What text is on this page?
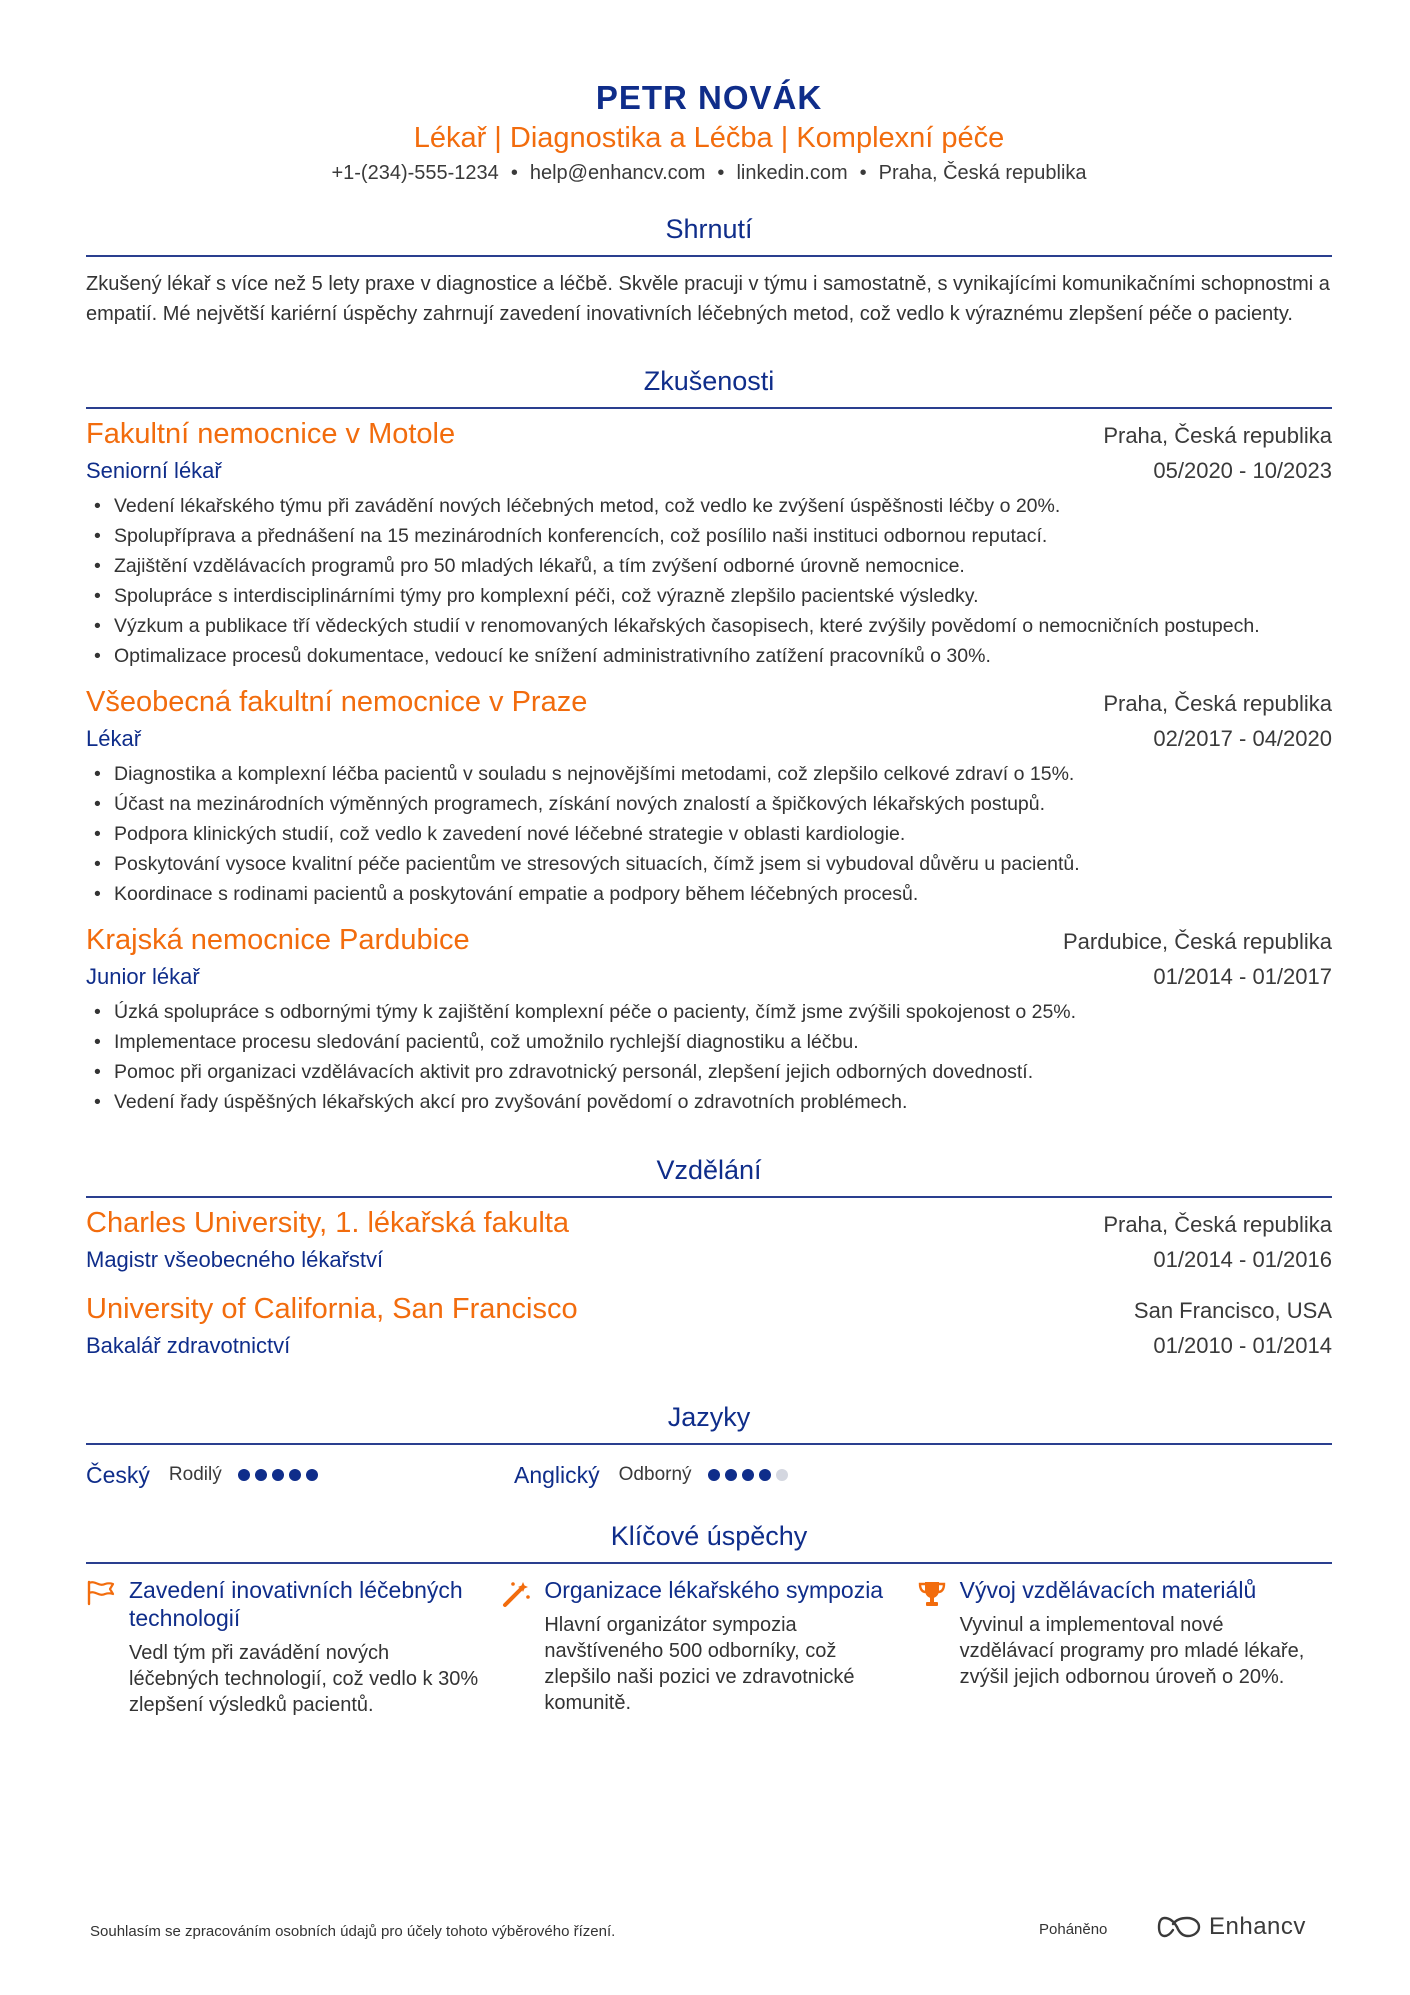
PETR NOVÁK
Lékař | Diagnostika a Léčba | Komplexní péče
+1-(234)-555-1234 • help@enhancv.com • linkedin.com • Praha, Česká republika
Shrnutí

Zkušený lékař s více než 5 lety praxe v diagnostice a léčbě. Skvěle pracuji v týmu i samostatně, s vynikajícími komunikačními schopnostmi a empatií. Mé největší kariérní úspěchy zahrnují zavedení inovativních léčebných metod, což vedlo k výraznému zlepšení péče o pacienty.

Zkušenosti
Fakultní nemocnice v Motole	Praha, Česká republika
Seniorní lékař	05/2020 - 10/2023
• Vedení lékařského týmu při zavádění nových léčebných metod, což vedlo ke zvýšení úspěšnosti léčby o 20%.
• Spolupříprava a přednášení na 15 mezinárodních konferencích, což posílilo naši instituci odbornou reputací.
• Zajištění vzdělávacích programů pro 50 mladých lékařů, a tím zvýšení odborné úrovně nemocnice.
• Spolupráce s interdisciplinárními týmy pro komplexní péči, což výrazně zlepšilo pacientské výsledky.
• Výzkum a publikace tří vědeckých studií v renomovaných lékařských časopisech, které zvýšily povědomí o nemocničních postupech.
• Optimalizace procesů dokumentace, vedoucí ke snížení administrativního zatížení pracovníků o 30%.
Všeobecná fakultní nemocnice v Praze	Praha, Česká republika
Lékař	02/2017 - 04/2020
• Diagnostika a komplexní léčba pacientů v souladu s nejnovějšími metodami, což zlepšilo celkové zdraví o 15%.
• Účast na mezinárodních výměnných programech, získání nových znalostí a špičkových lékařských postupů.
• Podpora klinických studií, což vedlo k zavedení nové léčebné strategie v oblasti kardiologie.
• Poskytování vysoce kvalitní péče pacientům ve stresových situacích, čímž jsem si vybudoval důvěru u pacientů.
• Koordinace s rodinami pacientů a poskytování empatie a podpory během léčebných procesů.
Krajská nemocnice Pardubice	Pardubice, Česká republika
Junior lékař	01/2014 - 01/2017
• Úzká spolupráce s odbornými týmy k zajištění komplexní péče o pacienty, čímž jsme zvýšili spokojenost o 25%.
• Implementace procesu sledování pacientů, což umožnilo rychlejší diagnostiku a léčbu.
• Pomoc při organizaci vzdělávacích aktivit pro zdravotnický personál, zlepšení jejich odborných dovedností.
• Vedení řady úspěšných lékařských akcí pro zvyšování povědomí o zdravotních problémech.
Vzdělání
Charles University, 1. lékařská fakulta	Praha, Česká republika
Magistr všeobecného lékařství	01/2014 - 01/2016
University of California, San Francisco	San Francisco, USA
Bakalář zdravotnictví	01/2010 - 01/2014
Jazyky
Český Rodilý	Anglický Odborný
Klíčové úspěchy
Zavedení inovativních léčebných technologií
Vedl tým při zavádění nových léčebných technologií, což vedlo k 30% zlepšení výsledků pacientů.
Organizace lékařského sympozia
Hlavní organizátor sympozia navštíveného 500 odborníky, což zlepšilo naši pozici ve zdravotnické komunitě.
Vývoj vzdělávacích materiálů
Vyvinul a implementoval nové vzdělávací programy pro mladé lékaře, zvýšil jejich odbornou úroveň o 20%.
Souhlasím se zpracováním osobních údajů pro účely tohoto výběrového řízení.	Poháněno	Enhancv
